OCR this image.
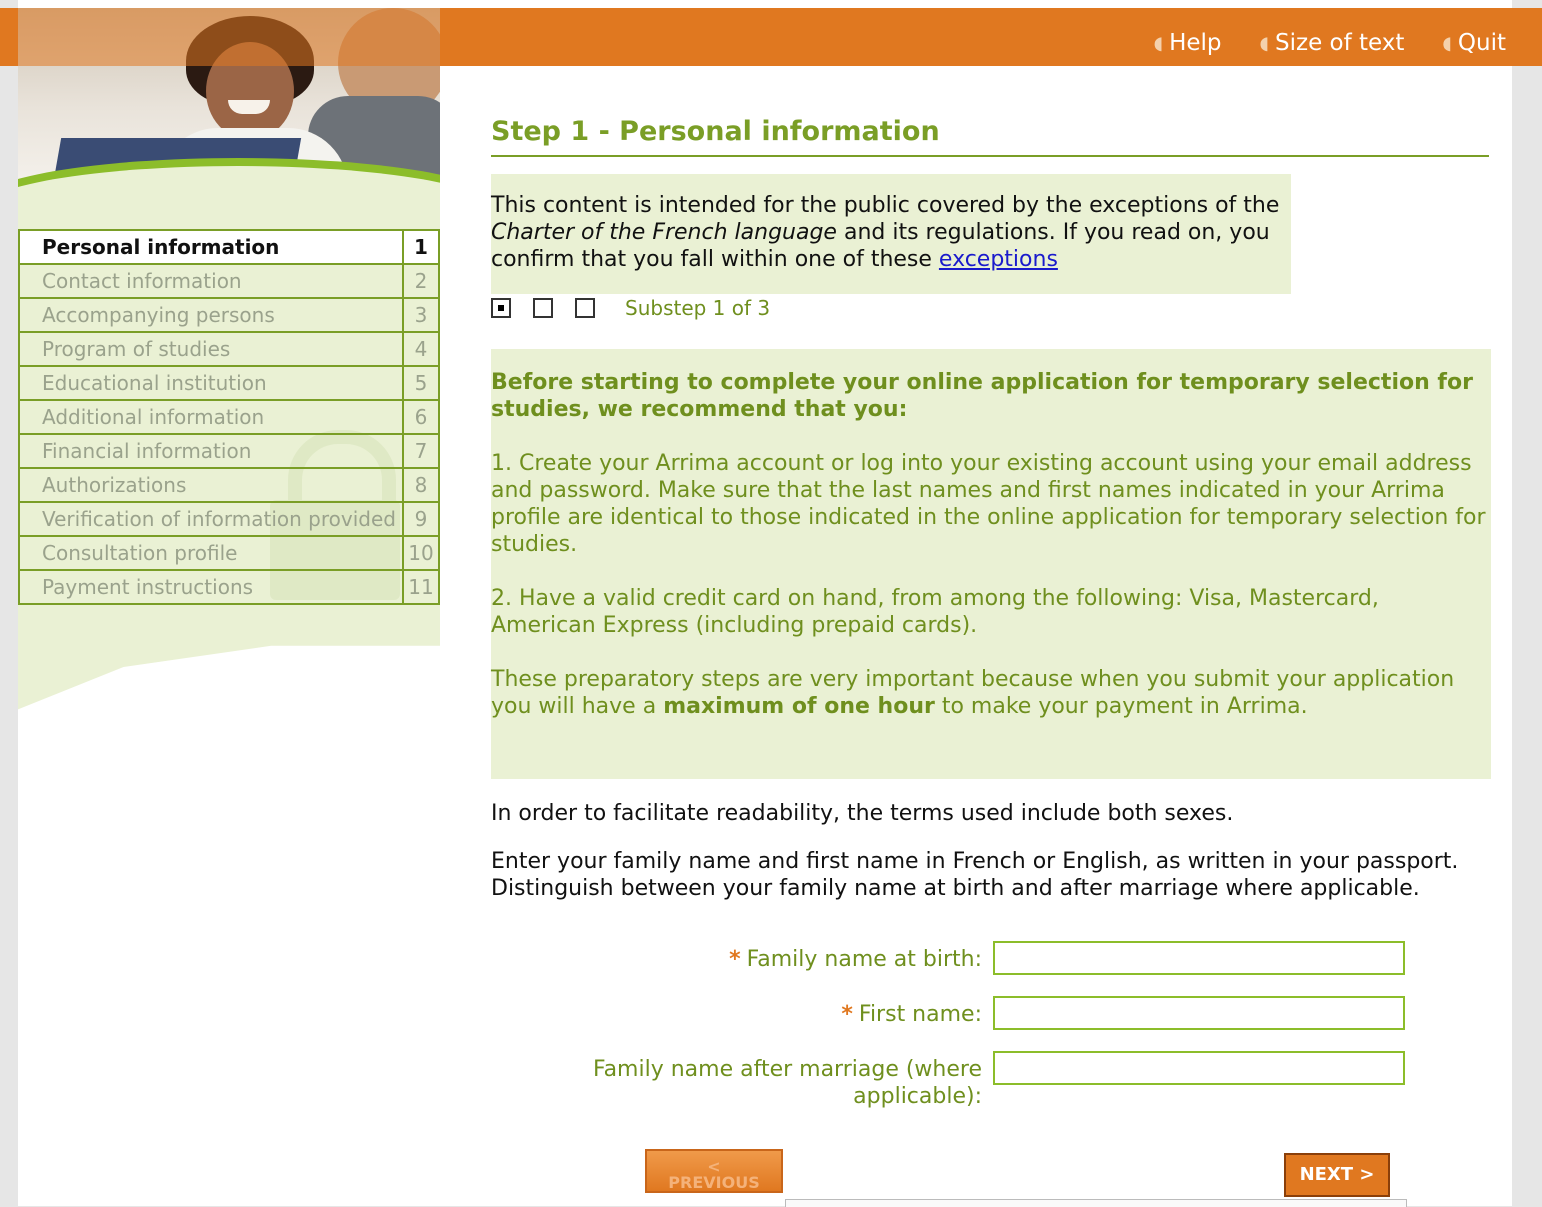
◖ Help ◖ Size of text ◖ Quit
Personal information	1
Contact information	2
Accompanying persons	3
Program of studies	4
Educational institution	5
Additional information	6
Financial information	7
Authorizations	8
Verification of information provided	9
Consultation profile	10
Payment instructions	11
Step 1 - Personal information
This content is intended for the public covered by the exceptions of the Charter of the French language and its regulations. If you read on, you confirm that you fall within one of these exceptions
Substep 1 of 3

Before starting to complete your online application for temporary selection for studies, we recommend that you:

1. Create your Arrima account or log into your existing account using your email address and password. Make sure that the last names and first names indicated in your Arrima profile are identical to those indicated in the online application for temporary selection for studies.

2. Have a valid credit card on hand, from among the following: Visa, Mastercard, American Express (including prepaid cards).

These preparatory steps are very important because when you submit your application you will have a maximum of one hour to make your payment in Arrima.

In order to facilitate readability, the terms used include both sexes.
Enter your family name and first name in French or English, as written in your passport. Distinguish between your family name at birth and after marriage where applicable.
* Family name at birth:
* First name:
Family name after marriage (where
applicable):
<
PREVIOUS	NEXT >
